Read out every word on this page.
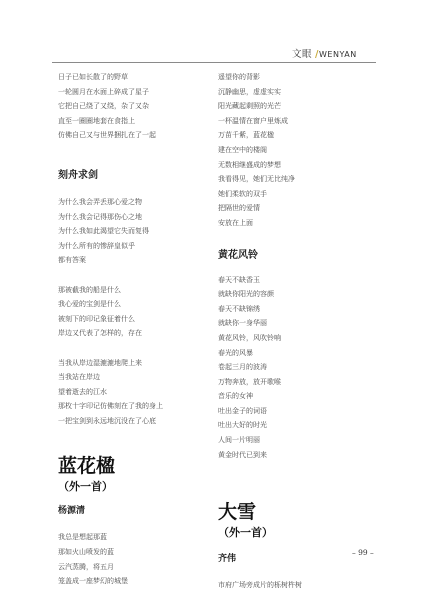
文眼 /WENYAN
日子已如长散了的野草
一轮圆月在水面上碎成了星子
它把自己绕了又绕，杂了又杂
直至一圈圈地套在食指上
仿佛自己又与世界捆扎在了一起
刻舟求剑
为什么我会弄丢那心爱之物
为什么我会记得那伤心之地
为什么我如此渴望它失而复得
为什么所有的惨辞皇似乎
都有答案
那被截我的船是什么
我心爱的宝剑是什么
被刻下的印记象征着什么
岸边又代表了怎样的，存在
当我从岸边湿漉漉地爬上来
当我站在岸边
望着逝去的江水
那枚十字印记仿佛刻在了我的身上
一把宝剑到永远地沉没在了心底
蓝花楹
（外一首）
杨源清
我总是想起那蓝
那如火山喷发的蓝
云汽蒸腾，将五月
笼盖成一座梦幻的城堡
遥望你的背影
沉静幽思，虚虚实实
阳光藏起剩照的光芒
一杯温情在窗户里炼成
万苗千紫，蓝花楹
建在空中的楼阁
无数相继盛成的梦想
我看得见，她们无比纯净
她们柔软的双手
把隔世的爱情
安放在上面
黄花风铃
春天不缺香玉
就缺你阳光的容颜
春天不缺锦绣
就缺你一身华丽
黄花风铃，风吹铃响
春光的风暴
卷起三月的波涛
万物奔放，放开歌喉
音乐的女神
吐出金子的词语
吐出大好的时光
人间一片明丽
黄金时代已到来
大雪
（外一首）
齐伟
市府广场旁成片的栎树杵树
– 99 –
